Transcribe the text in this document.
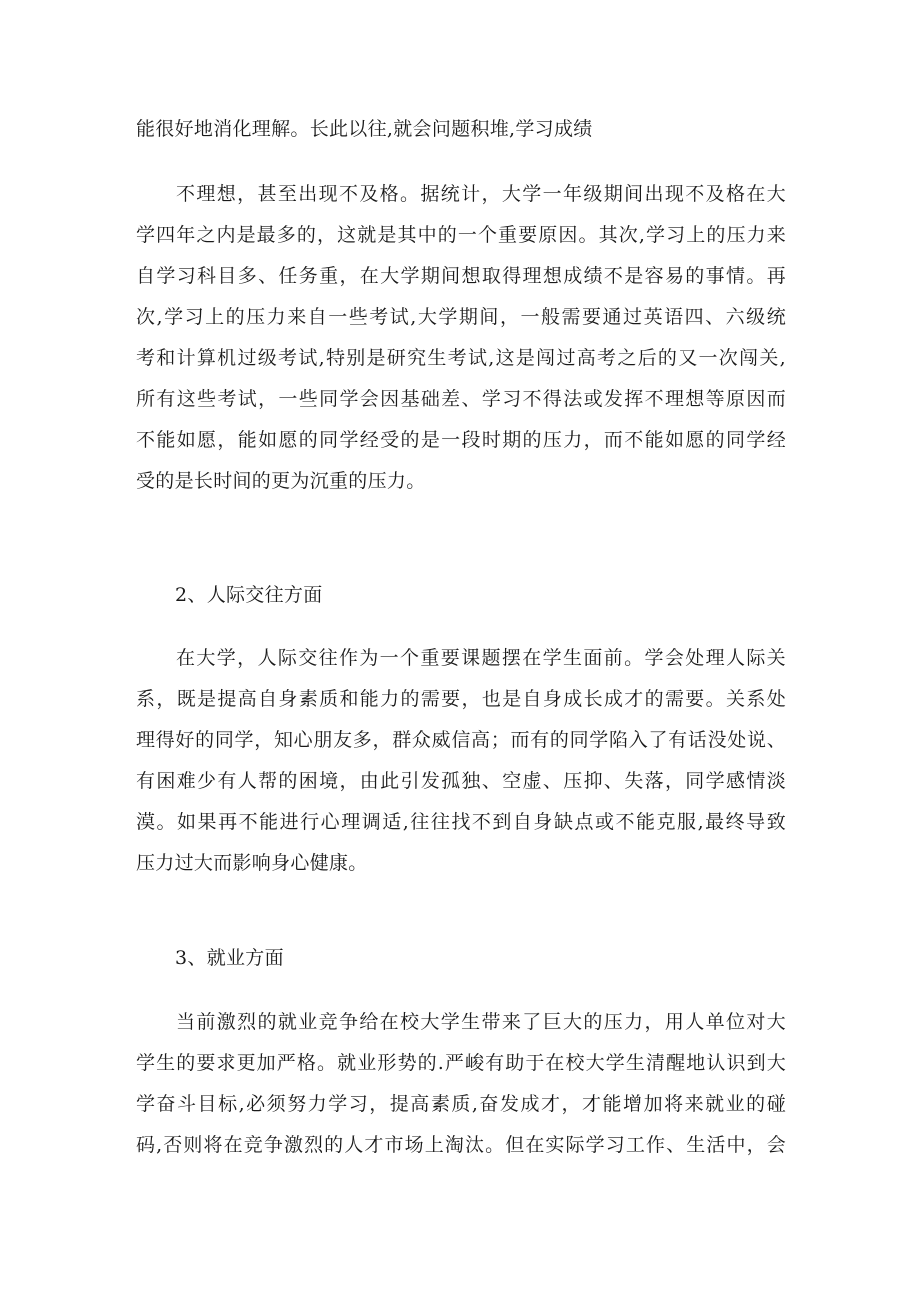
能很好地消化理解。长此以往,就会问题积堆,学习成绩
不理想，甚至出现不及格。据统计，大学一年级期间出现不及格在大
学四年之内是最多的，这就是其中的一个重要原因。其次,学习上的压力来
自学习科目多、任务重，在大学期间想取得理想成绩不是容易的事情。再
次,学习上的压力来自一些考试,大学期间，一般需要通过英语四、六级统
考和计算机过级考试,特别是研究生考试,这是闯过高考之后的又一次闯关,
所有这些考试，一些同学会因基础差、学习不得法或发挥不理想等原因而
不能如愿，能如愿的同学经受的是一段时期的压力，而不能如愿的同学经
受的是长时间的更为沉重的压力。
2、人际交往方面
在大学，人际交往作为一个重要课题摆在学生面前。学会处理人际关
系，既是提高自身素质和能力的需要，也是自身成长成才的需要。关系处
理得好的同学，知心朋友多，群众威信高；而有的同学陷入了有话没处说、
有困难少有人帮的困境，由此引发孤独、空虚、压抑、失落，同学感情淡
漠。如果再不能进行心理调适,往往找不到自身缺点或不能克服,最终导致
压力过大而影响身心健康。
3、就业方面
当前激烈的就业竞争给在校大学生带来了巨大的压力，用人单位对大
学生的要求更加严格。就业形势的.严峻有助于在校大学生清醒地认识到大
学奋斗目标,必须努力学习，提高素质,奋发成才，才能增加将来就业的碰
码,否则将在竞争激烈的人才市场上淘汰。但在实际学习工作、生活中，会
